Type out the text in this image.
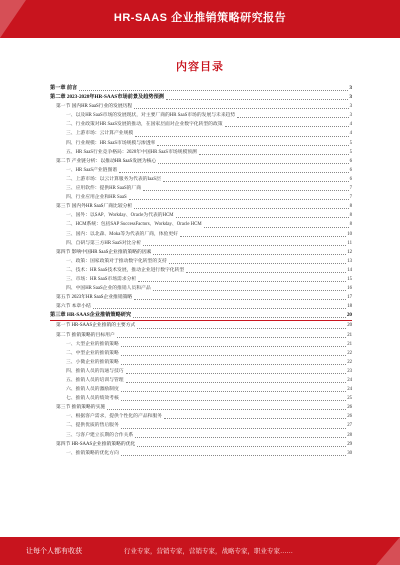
HR-SAAS 企业推销策略研究报告
内容目录
第一章 前言	3
第二章 2023-2028年HR-SAAS市场前景及趋势预测	3
第一节 国内HR SaaS行业的发展历程	3
一、以及HR SaaS市场的发展现状，对主要厂商的HR SaaS市场的发展与未来趋势	3
二、行业政策对HR SaaS发展的推动，在国家层面对企业数字化转型的政策	4
三、上游市场：云计算产业规模	4
四、行业规模：HR SaaS市场规模与渗透率	5
五、HR SaaS行业竞争格局：2028年中国HR SaaS市场规模预测	5
第二节 产业链分析：以推动HR SaaS发展为核心	6
一、HR SaaS产业链图谱	6
二、上游市场：以云计算服务为代表的IaaS层	6
三、应用软件：提供HR SaaS的厂商	7
四、行业应用企业和HR SaaS	7
第三节 国内外HR SaaS厂商比较分析	8
一、国外：以SAP、Workday、Oracle为代表的HCM	8
二、HCM系统：包括SAP SuccessFactors、Workday、Oracle HCM	8
三、国内：以北森、Moka等为代表的厂商，体验更好	10
四、自研与第三方HR SaaS对比分析	11
第四节 影响中国HR SaaS企业推销策略的因素	12
一、政策：国家政策对于推动数字化转型的支持	13
二、技术：HR SaaS技术发展，推动企业进行数字化转型	14
三、市场：HR SaaS市场需求分析	15
四、中国HR SaaS企业的推销人员和产品	16
第五节 2023年HR SaaS企业推销策略	17
第六节 本章小结	18
第三章 HR-SAAS企业推销策略研究	20
第一节 HR-SAAS企业推销的主要方式	20
第二节 推销策略的目标用户	21
一、大型企业的推销策略	21
二、中型企业的推销策略	22
三、小微企业的推销策略	22
四、推销人员的沟通与技巧	23
五、推销人员的培训与管理	24
六、推销人员的激励制度	24
七、推销人员的绩效考核	25
第三节 推销策略的实施	26
一、根据客户需求，提供个性化的产品和服务	26
二、提供优质的售后服务	27
三、与客户建立长期的合作关系	28
第四节 HR-SAAS企业推销策略的优化	29
一、推销策略的优化方向	30
让每个人都有收获	行业专家，营销专家，营销专家，战略专家，职业专家……
